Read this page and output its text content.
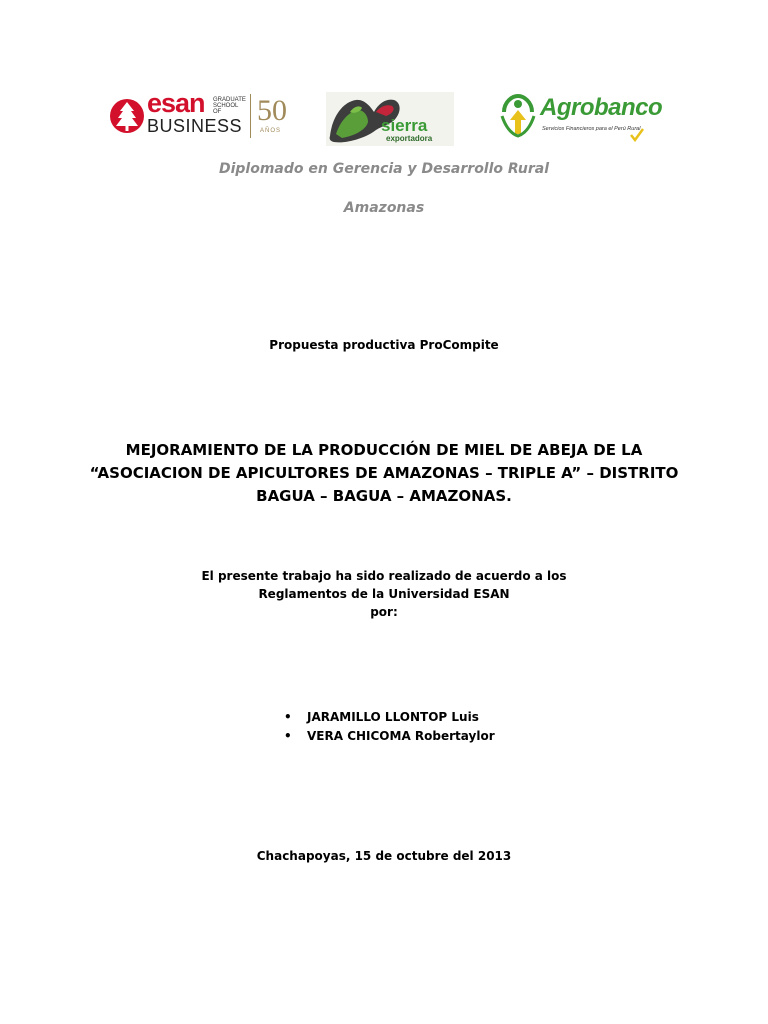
esan GRADUATE SCHOOL OF
BUSINESS 50
AÑOS	sierra
exportadora
Agrobanco
Servicios Financieros para el Perú Rural
Diplomado en Gerencia y Desarrollo Rural
Amazonas
Propuesta productiva ProCompite
MEJORAMIENTO DE LA PRODUCCIÓN DE MIEL DE ABEJA DE LA
“ASOCIACION DE APICULTORES DE AMAZONAS – TRIPLE A” – DISTRITO
BAGUA – BAGUA – AMAZONAS.
El presente trabajo ha sido realizado de acuerdo a los
Reglamentos de la Universidad ESAN
por:
• JARAMILLO LLONTOP Luis
• VERA CHICOMA Robertaylor
Chachapoyas, 15 de octubre del 2013
